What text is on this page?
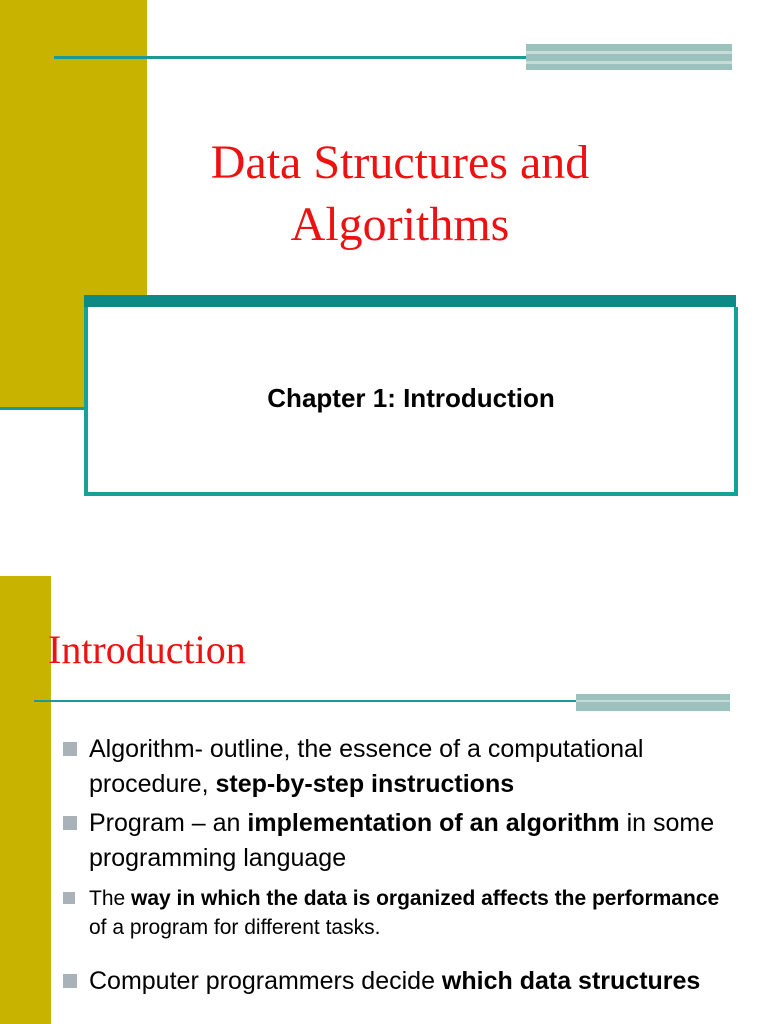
Data Structures and
Algorithms
Chapter 1: Introduction
Introduction
Algorithm- outline, the essence of a computational procedure, step-by-step instructions
Program – an implementation of an algorithm in some programming language
The way in which the data is organized affects the performance of a program for different tasks.
Computer programmers decide which data structures
